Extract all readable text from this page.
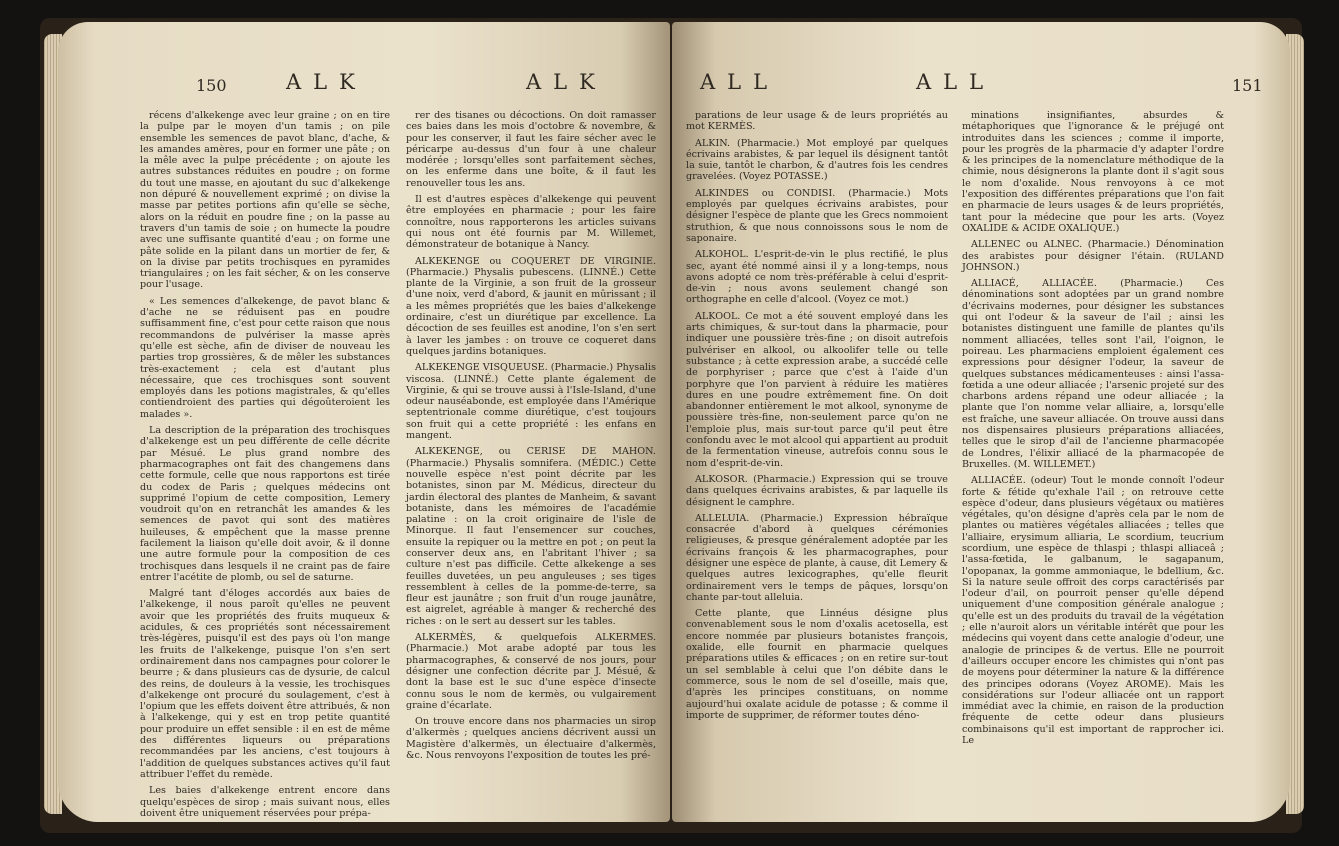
150	ALK	ALK

récens d'alkekenge avec leur graine ; on en tire la pulpe par le moyen d'un tamis ; on pile ensemble les semences de pavot blanc, d'ache, & les amandes amères, pour en former une pâte ; on la mêle avec la pulpe précédente ; on ajoute les autres substances réduites en poudre ; on forme du tout une masse, en ajoutant du suc d'alkekenge non dépuré & nouvellement exprimé ; on divise la masse par petites portions afin qu'elle se sèche, alors on la réduit en poudre fine ; on la passe au travers d'un tamis de soie ; on humecte la poudre avec une suffisante quantité d'eau ; on forme une pâte solide en la pilant dans un mortier de fer, & on la divise par petits trochisques en pyramides triangulaires ; on les fait sécher, & on les conserve pour l'usage.

« Les semences d'alkekenge, de pavot blanc & d'ache ne se réduisent pas en poudre suffisamment fine, c'est pour cette raison que nous recommandons de pulvériser la masse après qu'elle est sèche, afin de diviser de nouveau les parties trop grossières, & de mêler les substances très-exactement ; cela est d'autant plus nécessaire, que ces trochisques sont souvent employés dans les potions magistrales, & qu'elles contiendroient des parties qui dégoûteroient les malades ».

La description de la préparation des trochisques d'alkekenge est un peu différente de celle décrite par Mésué. Le plus grand nombre des pharmacographes ont fait des changemens dans cette formule, celle que nous rapportons est tirée du codex de Paris ; quelques médecins ont supprimé l'opium de cette composition, Lemery voudroit qu'on en retranchât les amandes & les semences de pavot qui sont des matières huileuses, & empêchent que la masse prenne facilement la liaison qu'elle doit avoir, & il donne une autre formule pour la composition de ces trochisques dans lesquels il ne craint pas de faire entrer l'acétite de plomb, ou sel de saturne.

Malgré tant d'éloges accordés aux baies de l'alkekenge, il nous paroît qu'elles ne peuvent avoir que les propriétés des fruits muqueux & acidules, & ces propriétés sont nécessairement très-légères, puisqu'il est des pays où l'on mange les fruits de l'alkekenge, puisque l'on s'en sert ordinairement dans nos campagnes pour colorer le beurre ; & dans plusieurs cas de dysurie, de calcul des reins, de douleurs à la vessie, les trochisques d'alkekenge ont procuré du soulagement, c'est à l'opium que les effets doivent être attribués, & non à l'alkekenge, qui y est en trop petite quantité pour produire un effet sensible : il en est de même des différentes liqueurs ou préparations recommandées par les anciens, c'est toujours à l'addition de quelques substances actives qu'il faut attribuer l'effet du remède.

Les baies d'alkekenge entrent encore dans quelqu'espèces de sirop ; mais suivant nous, elles doivent être uniquement réservées pour prépa-

rer des tisanes ou décoctions. On doit ramasser ces baies dans les mois d'octobre & novembre, & pour les conserver, il faut les faire sécher avec le péricarpe au-dessus d'un four à une chaleur modérée ; lorsqu'elles sont parfaitement sèches, on les enferme dans une boîte, & il faut les renouveller tous les ans.

Il est d'autres espèces d'alkekenge qui peuvent être employées en pharmacie ; pour les faire connoître, nous rapporterons les articles suivans qui nous ont été fournis par M. Willemet, démonstrateur de botanique à Nancy.

ALKEKENGE ou COQUERET DE VIRGINIE. (Pharmacie.) Physalis pubescens. (LINNÉ.) Cette plante de la Virginie, a son fruit de la grosseur d'une noix, verd d'abord, & jaunit en mûrissant ; il a les mêmes propriétés que les baies d'alkekenge ordinaire, c'est un diurétique par excellence. La décoction de ses feuilles est anodine, l'on s'en sert à laver les jambes : on trouve ce coqueret dans quelques jardins botaniques.

ALKEKENGE VISQUEUSE. (Pharmacie.) Physalis viscosa. (LINNÉ.) Cette plante également de Virginie, & qui se trouve aussi à l'Isle-Island, d'une odeur nauséabonde, est employée dans l'Amérique septentrionale comme diurétique, c'est toujours son fruit qui a cette propriété : les enfans en mangent.

ALKEKENGE, ou CERISE DE MAHON. (Pharmacie.) Physalis somnifera. (MÉDIC.) Cette nouvelle espèce n'est point décrite par les botanistes, sinon par M. Médicus, directeur du jardin électoral des plantes de Manheim, & savant botaniste, dans les mémoires de l'académie palatine : on la croit originaire de l'isle de Minorque. Il faut l'ensemencer sur couches, ensuite la repiquer ou la mettre en pot ; on peut la conserver deux ans, en l'abritant l'hiver ; sa culture n'est pas difficile. Cette alkekenge a ses feuilles duvetées, un peu anguleuses ; ses tiges ressemblent à celles de la pomme-de-terre, sa fleur est jaunâtre ; son fruit d'un rouge jaunâtre, est aigrelet, agréable à manger & recherché des riches : on le sert au dessert sur les tables.

ALKERMÈS, & quelquefois ALKERMES. (Pharmacie.) Mot arabe adopté par tous les pharmacographes, & conservé de nos jours, pour désigner une confection décrite par J. Mésué, & dont la base est le suc d'une espèce d'insecte connu sous le nom de kermès, ou vulgairement graine d'écarlate.

On trouve encore dans nos pharmacies un sirop d'alkermès ; quelques anciens décrivent aussi un Magistère d'alkermès, un électuaire d'alkermès, &c. Nous renvoyons l'exposition de toutes les pré-

ALL	ALL	151

parations de leur usage & de leurs propriétés au mot KERMÈS.

ALKIN. (Pharmacie.) Mot employé par quelques écrivains arabistes, & par lequel ils désignent tantôt la suie, tantôt le charbon, & d'autres fois les cendres gravelées. (Voyez POTASSE.)

ALKINDES ou CONDISI. (Pharmacie.) Mots employés par quelques écrivains arabistes, pour désigner l'espèce de plante que les Grecs nommoient struthion, & que nous connoissons sous le nom de saponaire.

ALKOHOL. L'esprit-de-vin le plus rectifié, le plus sec, ayant été nommé ainsi il y a long-temps, nous avons adopté ce nom très-préférable à celui d'esprit-de-vin ; nous avons seulement changé son orthographe en celle d'alcool. (Voyez ce mot.)

ALKOOL. Ce mot a été souvent employé dans les arts chimiques, & sur-tout dans la pharmacie, pour indiquer une poussière très-fine ; on disoit autrefois pulvériser en alkool, ou alkoolifer telle ou telle substance ; à cette expression arabe, a succédé celle de porphyriser ; parce que c'est à l'aide d'un porphyre que l'on parvient à réduire les matières dures en une poudre extrêmement fine. On doit abandonner entièrement le mot alkool, synonyme de poussière très-fine, non-seulement parce qu'on ne l'emploie plus, mais sur-tout parce qu'il peut être confondu avec le mot alcool qui appartient au produit de la fermentation vineuse, autrefois connu sous le nom d'esprit-de-vin.

ALKOSOR. (Pharmacie.) Expression qui se trouve dans quelques écrivains arabistes, & par laquelle ils désignent le camphre.

ALLELUIA. (Pharmacie.) Expression hébraïque consacrée d'abord à quelques cérémonies religieuses, & presque généralement adoptée par les écrivains françois & les pharmacographes, pour désigner une espèce de plante, à cause, dit Lemery & quelques autres lexicographes, qu'elle fleurit ordinairement vers le temps de pâques, lorsqu'on chante par-tout alleluia.

Cette plante, que Linnéus désigne plus convenablement sous le nom d'oxalis acetosella, est encore nommée par plusieurs botanistes françois, oxalide, elle fournit en pharmacie quelques préparations utiles & efficaces ; on en retire sur-tout un sel semblable à celui que l'on débite dans le commerce, sous le nom de sel d'oseille, mais que, d'après les principes constituans, on nomme aujourd'hui oxalate acidule de potasse ; & comme il importe de supprimer, de réformer toutes déno-

minations insignifiantes, absurdes & métaphoriques que l'ignorance & le préjugé ont introduites dans les sciences ; comme il importe, pour les progrès de la pharmacie d'y adapter l'ordre & les principes de la nomenclature méthodique de la chimie, nous désignerons la plante dont il s'agit sous le nom d'oxalide. Nous renvoyons à ce mot l'exposition des différentes préparations que l'on fait en pharmacie de leurs usages & de leurs propriétés, tant pour la médecine que pour les arts. (Voyez OXALIDE & ACIDE OXALIQUE.)

ALLENEC ou ALNEC. (Pharmacie.) Dénomination des arabistes pour désigner l'étain. (RULAND JOHNSON.)

ALLIACÉ, ALLIACÉE. (Pharmacie.) Ces dénominations sont adoptées par un grand nombre d'écrivains modernes, pour désigner les substances qui ont l'odeur & la saveur de l'ail ; ainsi les botanistes distinguent une famille de plantes qu'ils nomment alliacées, telles sont l'ail, l'oignon, le poireau. Les pharmaciens emploient également ces expressions pour désigner l'odeur, la saveur de quelques substances médicamenteuses : ainsi l'assa-fœtida a une odeur alliacée ; l'arsenic projeté sur des charbons ardens répand une odeur alliacée ; la plante que l'on nomme velar alliaire, a, lorsqu'elle est fraîche, une saveur alliacée. On trouve aussi dans nos dispensaires plusieurs préparations alliacées, telles que le sirop d'ail de l'ancienne pharmacopée de Londres, l'élixir alliacé de la pharmacopée de Bruxelles. (M. WILLEMET.)

ALLIACÉE. (odeur) Tout le monde connoît l'odeur forte & fétide qu'exhale l'ail ; on retrouve cette espèce d'odeur, dans plusieurs végétaux ou matières végétales, qu'on désigne d'après cela par le nom de plantes ou matières végétales alliacées ; telles que l'alliaire, erysimum alliaria, Le scordium, teucrium scordium, une espèce de thlaspi ; thlaspi alliaceâ ; l'assa-fœtida, le galbanum, le sagapanum, l'opopanax, la gomme ammoniaque, le bdellium, &c. Si la nature seule offroit des corps caractérisés par l'odeur d'ail, on pourroit penser qu'elle dépend uniquement d'une composition générale analogue ; qu'elle est un des produits du travail de la végétation ; elle n'auroit alors un véritable intérêt que pour les médecins qui voyent dans cette analogie d'odeur, une analogie de principes & de vertus. Elle ne pourroit d'ailleurs occuper encore les chimistes qui n'ont pas de moyens pour déterminer la nature & la différence des principes odorans (Voyez AROME). Mais les considérations sur l'odeur alliacée ont un rapport immédiat avec la chimie, en raison de la production fréquente de cette odeur dans plusieurs combinaisons qu'il est important de rapprocher ici. Le
